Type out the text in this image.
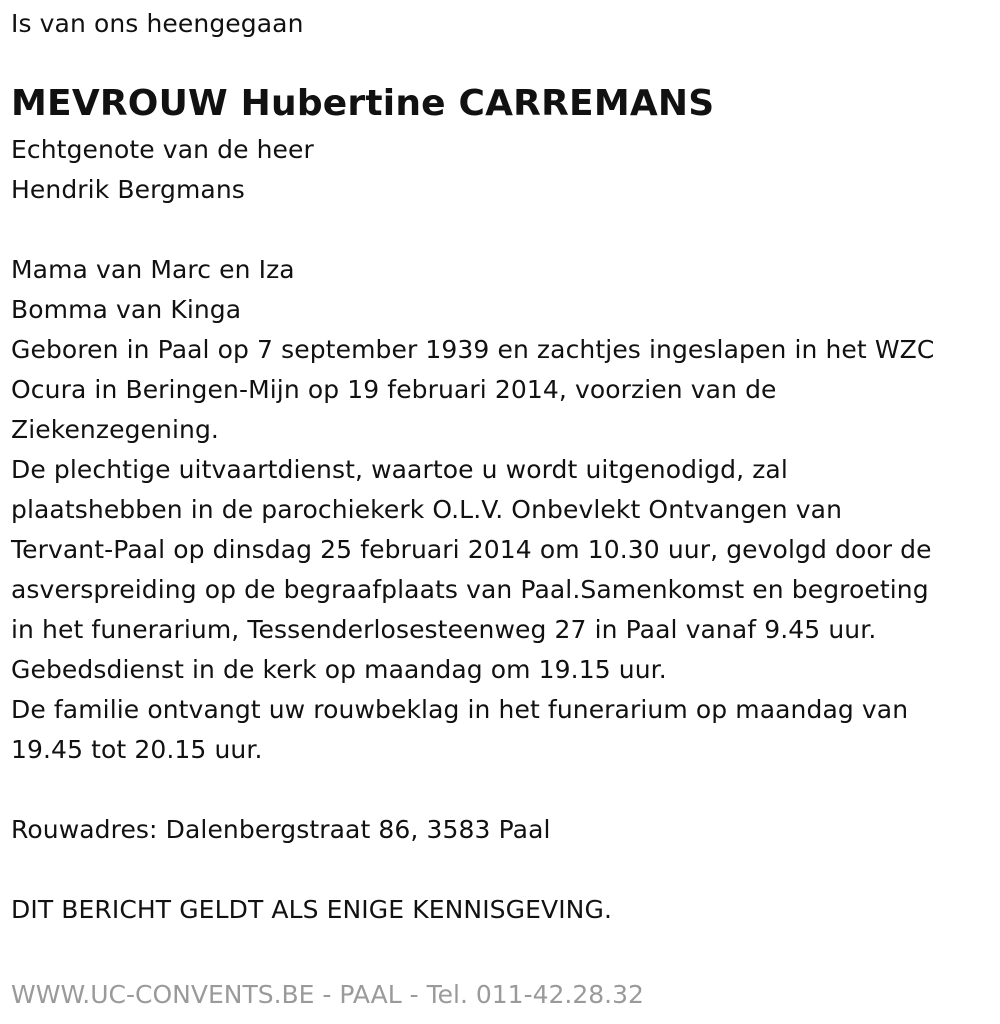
Is van ons heengegaan
MEVROUW Hubertine CARREMANS
Echtgenote van de heer
Hendrik Bergmans
Mama van Marc en Iza
Bomma van Kinga
Geboren in Paal op 7 september 1939 en zachtjes ingeslapen in het WZC
Ocura in Beringen-Mijn op 19 februari 2014, voorzien van de
Ziekenzegening.
De plechtige uitvaartdienst, waartoe u wordt uitgenodigd, zal
plaatshebben in de parochiekerk O.L.V. Onbevlekt Ontvangen van
Tervant-Paal op dinsdag 25 februari 2014 om 10.30 uur, gevolgd door de
asverspreiding op de begraafplaats van Paal.Samenkomst en begroeting
in het funerarium, Tessenderlosesteenweg 27 in Paal vanaf 9.45 uur.
Gebedsdienst in de kerk op maandag om 19.15 uur.
De familie ontvangt uw rouwbeklag in het funerarium op maandag van
19.45 tot 20.15 uur.
Rouwadres: Dalenbergstraat 86, 3583 Paal
DIT BERICHT GELDT ALS ENIGE KENNISGEVING.
WWW.UC-CONVENTS.BE - PAAL - Tel. 011-42.28.32
